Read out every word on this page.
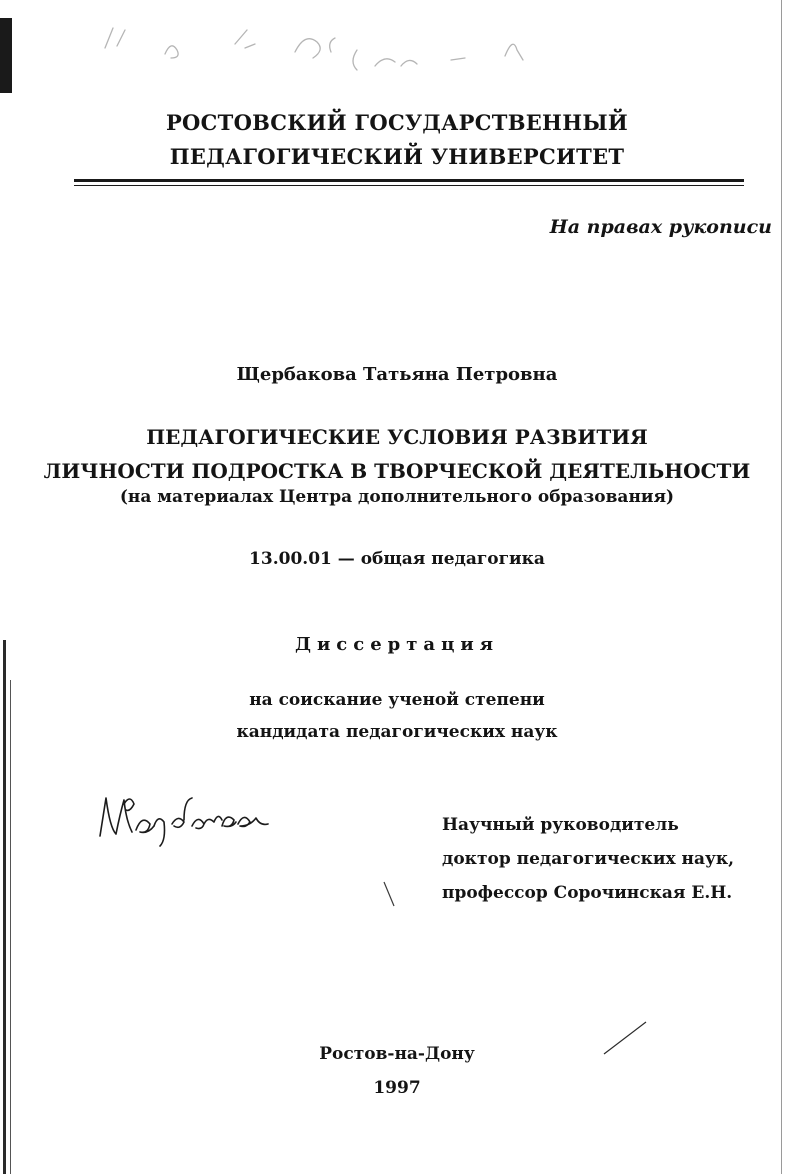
РОСТОВСКИЙ ГОСУДАРСТВЕННЫЙ
ПЕДАГОГИЧЕСКИЙ УНИВЕРСИТЕТ
На правах рукописи
Щербакова Татьяна Петровна
ПЕДАГОГИЧЕСКИЕ УСЛОВИЯ РАЗВИТИЯ
ЛИЧНОСТИ ПОДРОСТКА В ТВОРЧЕСКОЙ ДЕЯТЕЛЬНОСТИ
(на материалах Центра дополнительного образования)
13.00.01 — общая педагогика
Диссертация
на соискание ученой степени
кандидата педагогических наук
Научный руководитель
доктор педагогических наук,
профессор Сорочинская Е.Н.
Ростов-на-Дону
1997
